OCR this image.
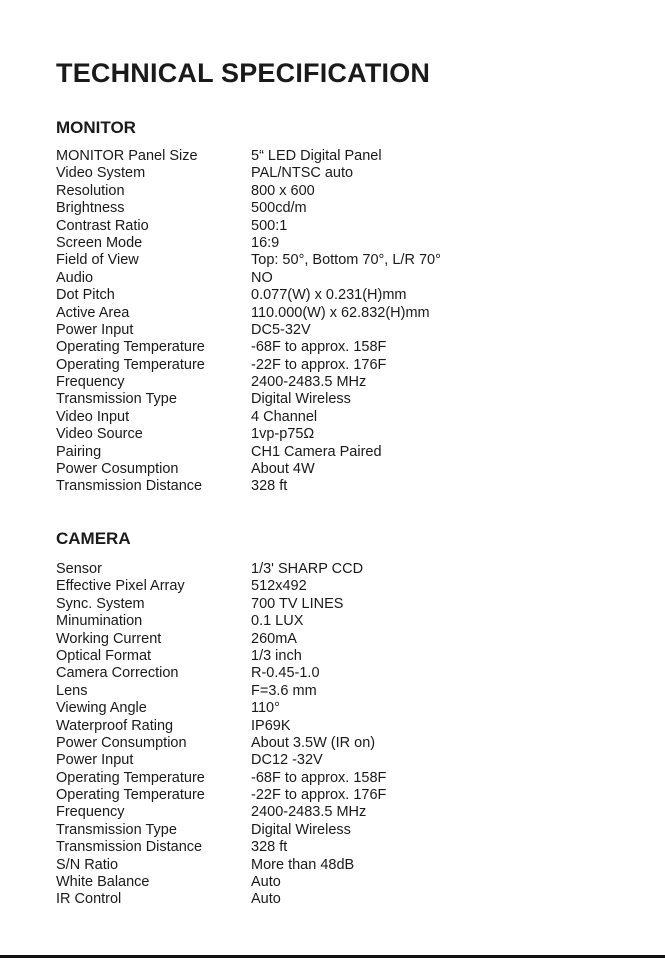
TECHNICAL SPECIFICATION
MONITOR
MONITOR Panel Size	5“ LED Digital Panel
Video System	PAL/NTSC auto
Resolution	800 x 600
Brightness	500cd/m
Contrast Ratio	500:1
Screen Mode	16:9
Field of View	Top: 50°, Bottom 70°, L/R 70°
Audio	NO
Dot Pitch	0.077(W) x 0.231(H)mm
Active Area	110.000(W) x 62.832(H)mm
Power Input	DC5-32V
Operating Temperature	-68F to approx. 158F
Operating Temperature	-22F to approx. 176F
Frequency	2400-2483.5 MHz
Transmission Type	Digital Wireless
Video Input	4 Channel
Video Source	1vp-p75Ω
Pairing	CH1 Camera Paired
Power Cosumption	About 4W
Transmission Distance	328 ft
CAMERA
Sensor	1/3' SHARP CCD
Effective Pixel Array	512x492
Sync. System	700 TV LINES
Minumination	0.1 LUX
Working Current	260mA
Optical Format	1/3 inch
Camera Correction	R-0.45-1.0
Lens	F=3.6 mm
Viewing Angle	110°
Waterproof Rating	IP69K
Power Consumption	About 3.5W (IR on)
Power Input	DC12 -32V
Operating Temperature	-68F to approx. 158F
Operating Temperature	-22F to approx. 176F
Frequency	2400-2483.5 MHz
Transmission Type	Digital Wireless
Transmission Distance	328 ft
S/N Ratio	More than 48dB
White Balance	Auto
IR Control	Auto
